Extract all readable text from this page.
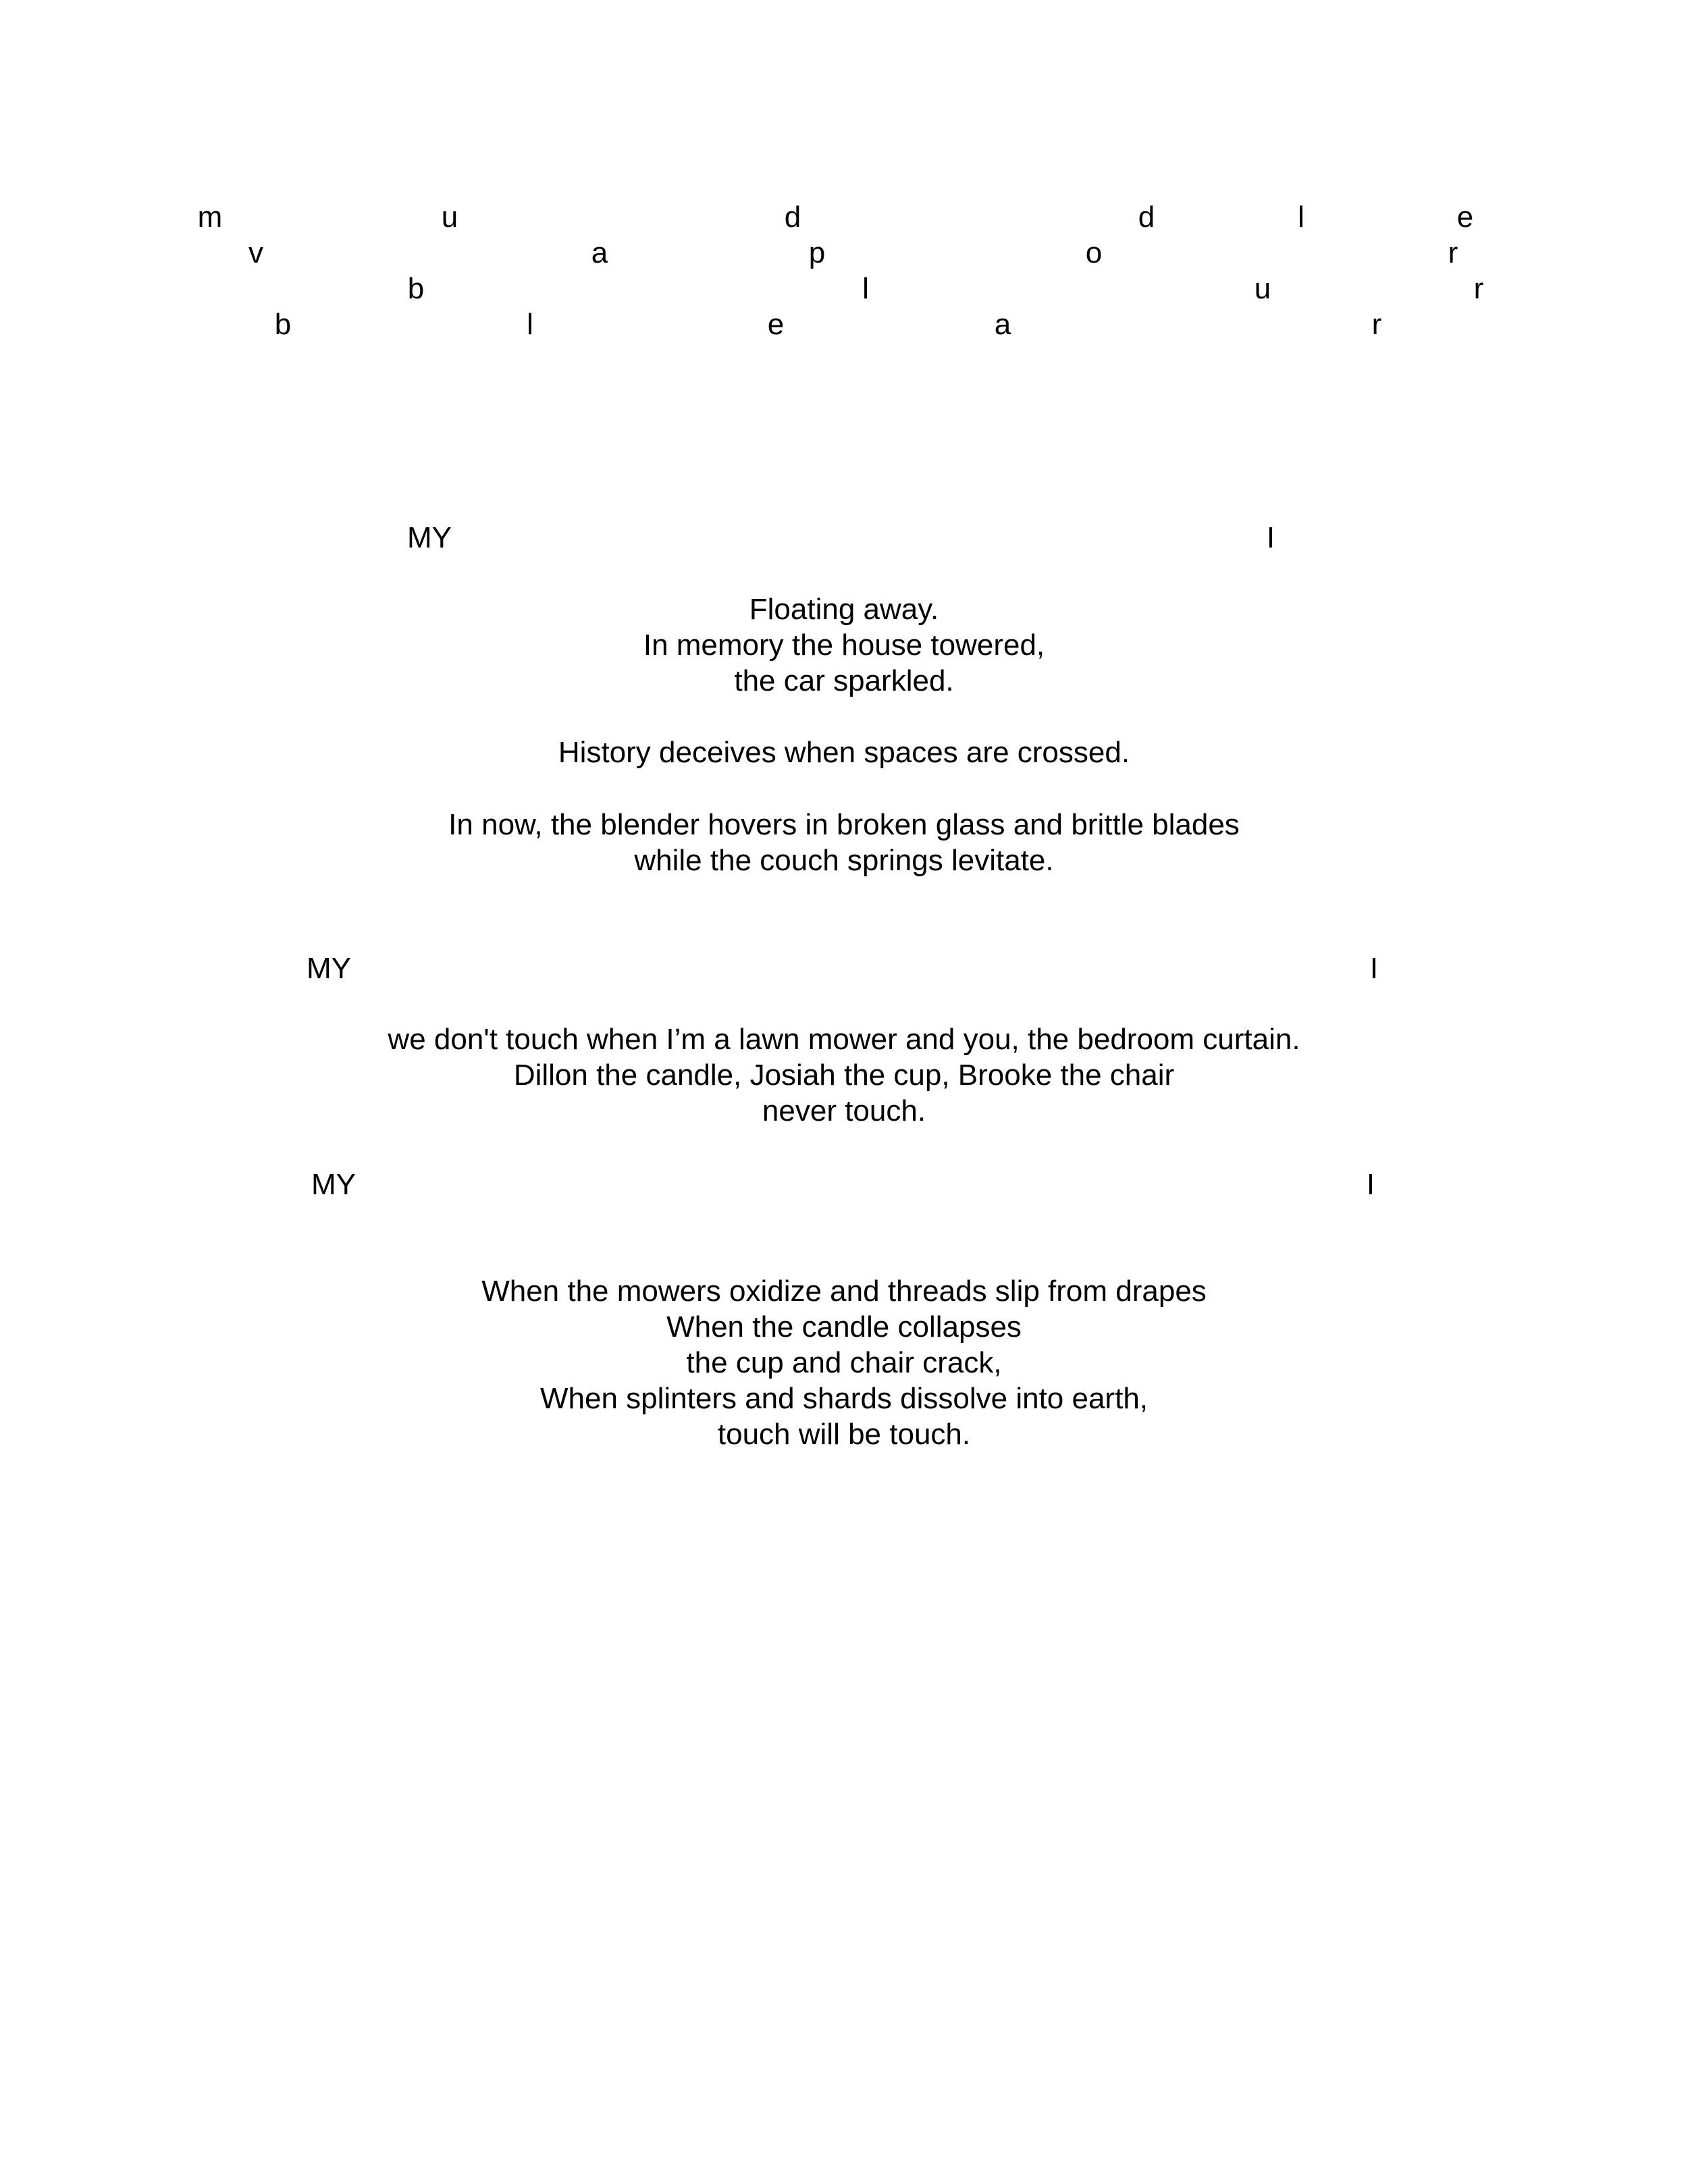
m	u	d	d	l	e
v	a	p	o	r
b	l	u	r
b	l	e	a	r
MY	I
Floating away.
In memory the house towered,
the car sparkled.
History deceives when spaces are crossed.
In now, the blender hovers in broken glass and brittle blades
while the couch springs levitate.
MY	I
we don't touch when I’m a lawn mower and you, the bedroom curtain.
Dillon the candle, Josiah the cup, Brooke the chair
never touch.
MY	I
When the mowers oxidize and threads slip from drapes
When the candle collapses
the cup and chair crack,
When splinters and shards dissolve into earth,
touch will be touch.
